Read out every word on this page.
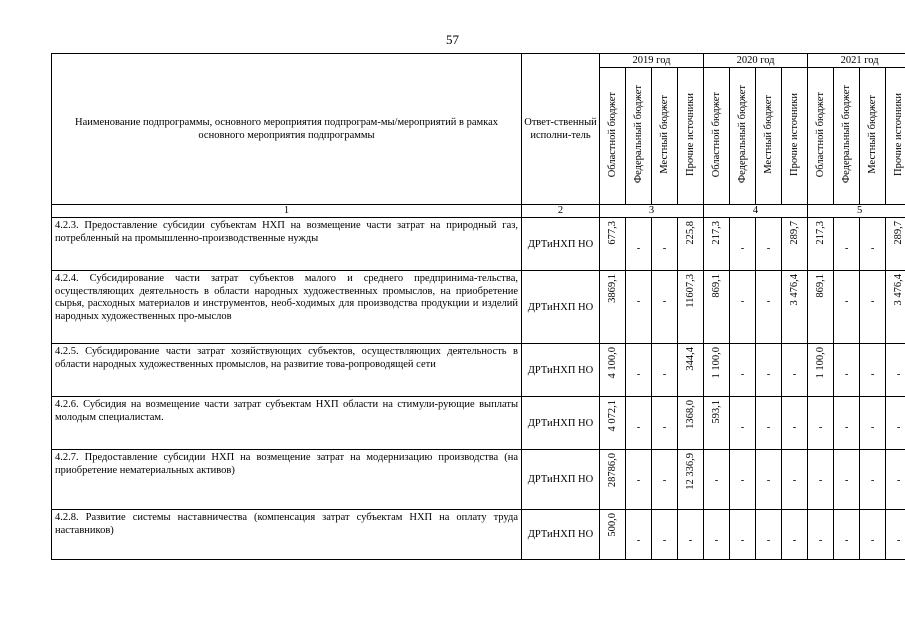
57
Наименование подпрограммы, основного мероприятия подпрограм-мы/мероприятий в рамках основного мероприятия подпрограммы	Ответ-ственный исполни-тель	2019 год				2020 год				2021 год			
		Областной бюджет	Федеральный бюджет	Местный бюджет	Прочие источники	Областной бюджет	Федеральный бюджет	Местный бюджет	Прочие источники	Областной бюджет	Федеральный бюджет	Местный бюджет	Прочие источники
1	2	3				4				5			
4.2.3. Предоставление субсидии субъектам НХП на возмещение части затрат на природный газ, потребленный на промышленно-производственные нужды	ДРТиНХП НО	677,3	-	-	225,8	217,3	-	-	289,7	217,3	-	-	289,7
4.2.4. Субсидирование части затрат субъектов малого и среднего предпринима-тельства, осуществляющих деятельность в области народных художественных промыслов, на приобретение сырья, расходных материалов и инструментов, необ-ходимых для производства продукции и изделий народных художественных про-мыслов	ДРТиНХП НО	3869,1	-	-	11607,3	869,1	-	-	3 476,4	869,1	-	-	3 476,4
4.2.5. Субсидирование части затрат хозяйствующих субъектов, осуществляющих деятельность в области народных художественных промыслов, на развитие това-ропроводящей сети	ДРТиНХП НО	4 100,0	-	-	344,4	1 100,0	-	-	-	1 100,0	-	-	-
4.2.6. Субсидия на возмещение части затрат субъектам НХП области на стимули-рующие выплаты молодым специалистам.	ДРТиНХП НО	4 072,1	-	-	1368,0	593,1	-	-	-	-	-	-	-
4.2.7. Предоставление субсидии НХП на возмещение затрат на модернизацию производства (на приобретение нематериальных активов)	ДРТиНХП НО	28786,0	-	-	12 336,9	-	-	-	-	-	-	-	-
4.2.8. Развитие системы наставничества (компенсация затрат субъектам НХП на оплату труда наставников)	ДРТиНХП НО	500,0	-	-	-	-	-	-	-	-	-	-	-
